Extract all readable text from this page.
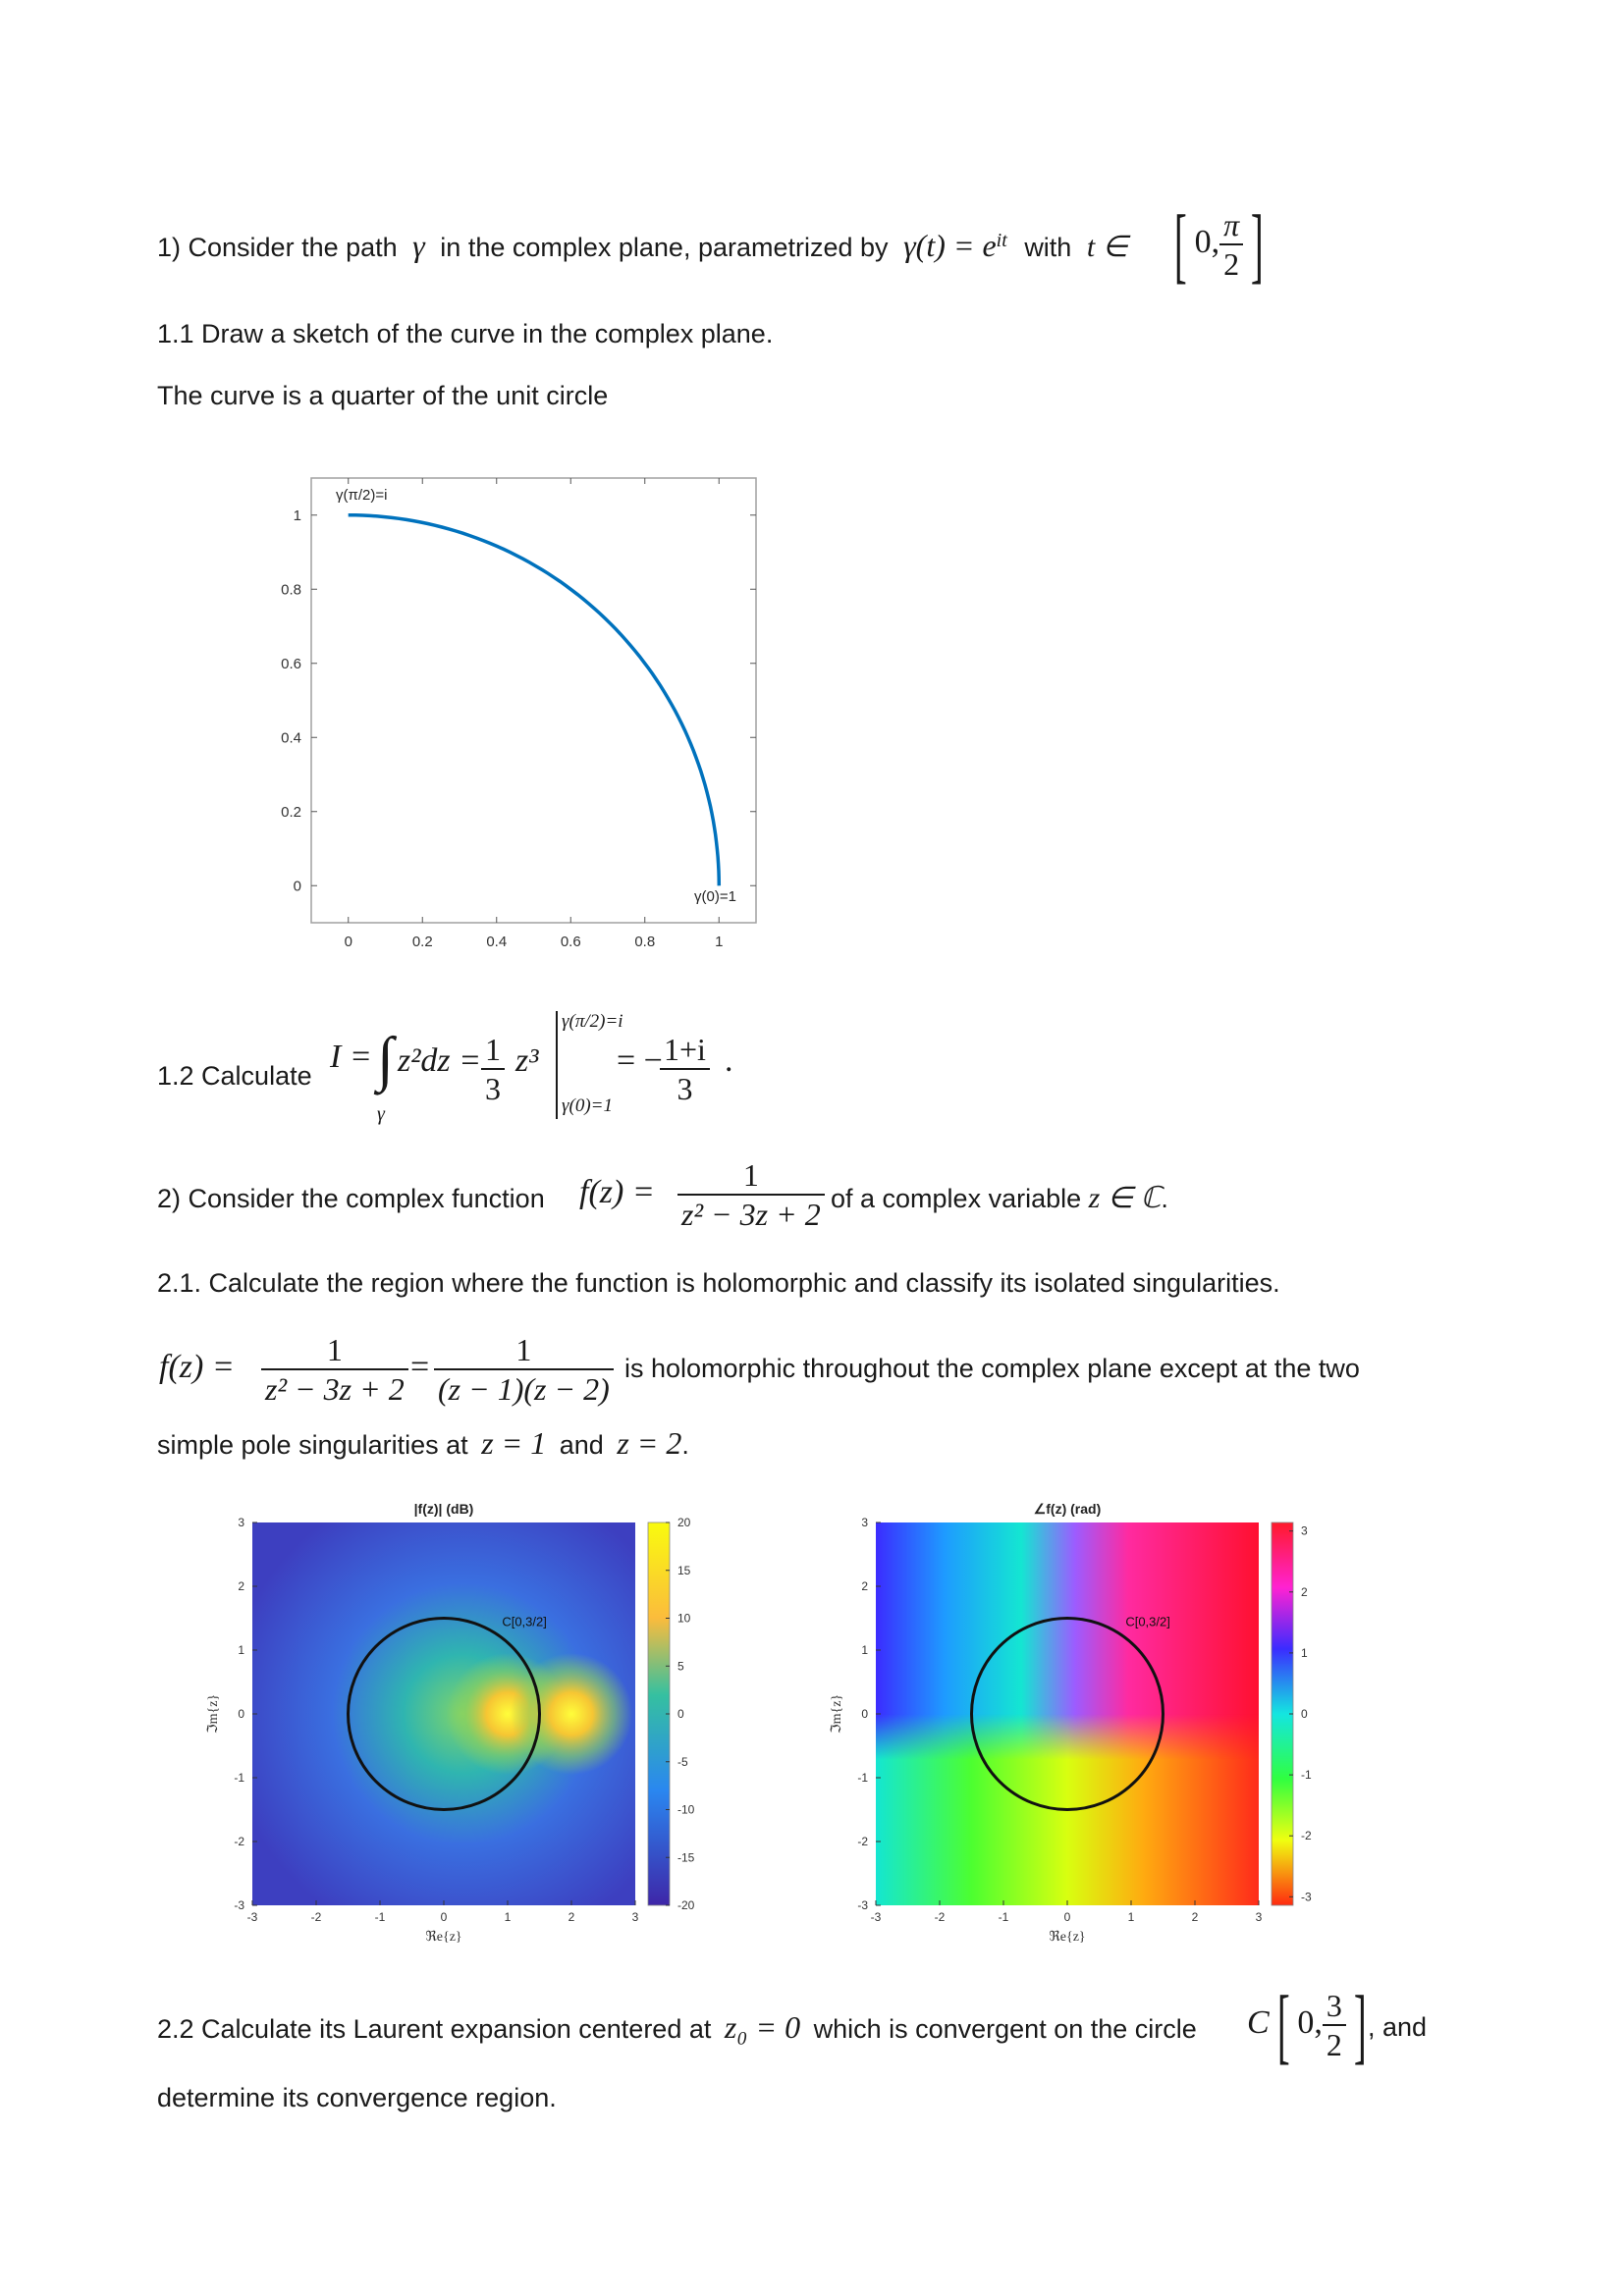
1) Consider the path γ in the complex plane, parametrized by $\gamma(t) = e^{it}$ with t ∈ [ 0, $\frac{\pi}{2}$ ]
1.1 Draw a sketch of the curve in the complex plane.
The curve is a quarter of the unit circle
0	0.2	0.4	0.6	0.8	1
0
0.2
0.4
0.6
0.8
1
γ(π/2)=i
γ(0)=1
1.2 Calculate
I = ∫
γ
$z^2dz = \frac{1}{3} z^3$
γ(π/2)=i
γ(0)=1
= −
$\frac{1+i}{3}$ .
2) Consider the complex function $f(z) = \frac{1}{\text{z² − 3z + 2}}$ of a complex variable z ∈ ℂ.
2.1. Calculate the region where the function is holomorphic and classify its isolated singularities.
$f(z) = \frac{1}{\text{z² − 3z + 2}} = \frac{1}{(z - 1)(z - 2)}$ is holomorphic throughout the complex plane except at the two
simple pole singularities at z = 1 and z = 2.
C[0,3/2]
|f(z)| (dB)
-3	-2	-1	0	1	2	3
-3
-2
-1
0
1
2
3	20
15
10
5
0
-5
-10
-15
-20
ℜe{z}
ℑm{z}
C[0,3/2]
∠f(z) (rad)
-3	-2	-1	0	1	2	3
-3
-2
-1
0
1
2
3
3
2
1
0
-1
-2
-3
ℜe{z}
ℑm{z}
2.2 Calculate its Laurent expansion centered at z₀ = 0 which is convergent on the circle C[ 0, $\frac{3}{2}$ ] , and
determine its convergence region.
